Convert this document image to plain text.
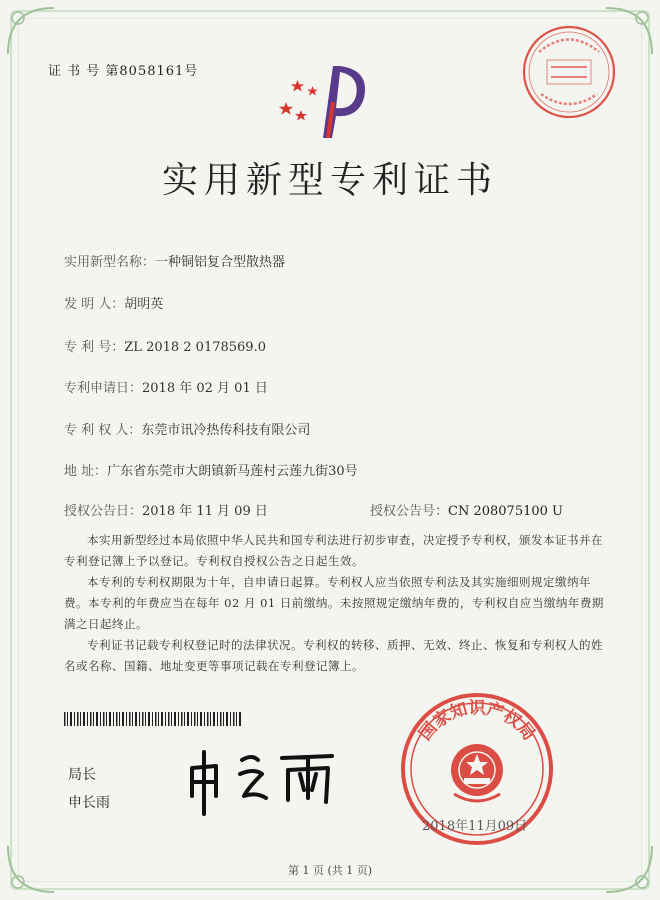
证 书 号 第8058161号
实用新型专利证书
实用新型名称：一种铜铝复合型散热器
发 明 人：胡明英
专 利 号：ZL 2018 2 0178569.0
专利申请日：2018 年 02 月 01 日
专 利 权 人：东莞市讯冷热传科技有限公司
地 址：广东省东莞市大朗镇新马莲村云莲九街30号
授权公告日：2018 年 11 月 09 日	授权公告号：CN 208075100 U

本实用新型经过本局依照中华人民共和国专利法进行初步审查，决定授予专利权，颁发本证书并在专利登记簿上予以登记。专利权自授权公告之日起生效。

本专利的专利权期限为十年，自申请日起算。专利权人应当依照专利法及其实施细则规定缴纳年费。本专利的年费应当在每年 02 月 01 日前缴纳。未按照规定缴纳年费的，专利权自应当缴纳年费期满之日起终止。

专利证书记载专利权登记时的法律状况。专利权的转移、质押、无效、终止、恢复和专利权人的姓名或名称、国籍、地址变更等事项记载在专利登记簿上。

局长
申长雨
国家知识产权局
2018年11月09日
第 1 页 (共 1 页)
